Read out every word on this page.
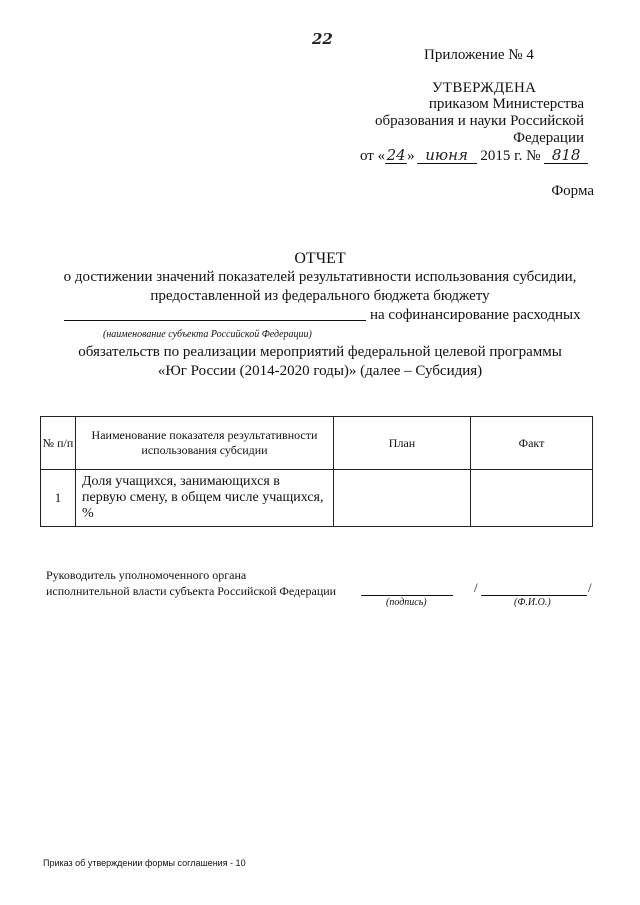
22
Приложение № 4
УТВЕРЖДЕНА
приказом Министерства
образования и науки Российской
Федерации
от «24» июня 2015 г. № 818
Форма
ОТЧЕТ
о достижении значений показателей результативности использования субсидии,
предоставленной из федерального бюджета бюджету
на софинансирование расходных
(наименование субъекта Российской Федерации)
обязательств по реализации мероприятий федеральной целевой программы
«Юг России (2014-2020 годы)» (далее – Субсидия)
№ п/п	Наименование показателя результативности использования субсидии	План	Факт
1	Доля учащихся, занимающихся в первую смену, в общем числе учащихся, %		
Руководитель уполномоченного органа
исполнительной власти субъекта Российской Федерации	/	/
(подпись)	(Ф.И.О.)
Приказ об утверждении формы соглашения - 10
